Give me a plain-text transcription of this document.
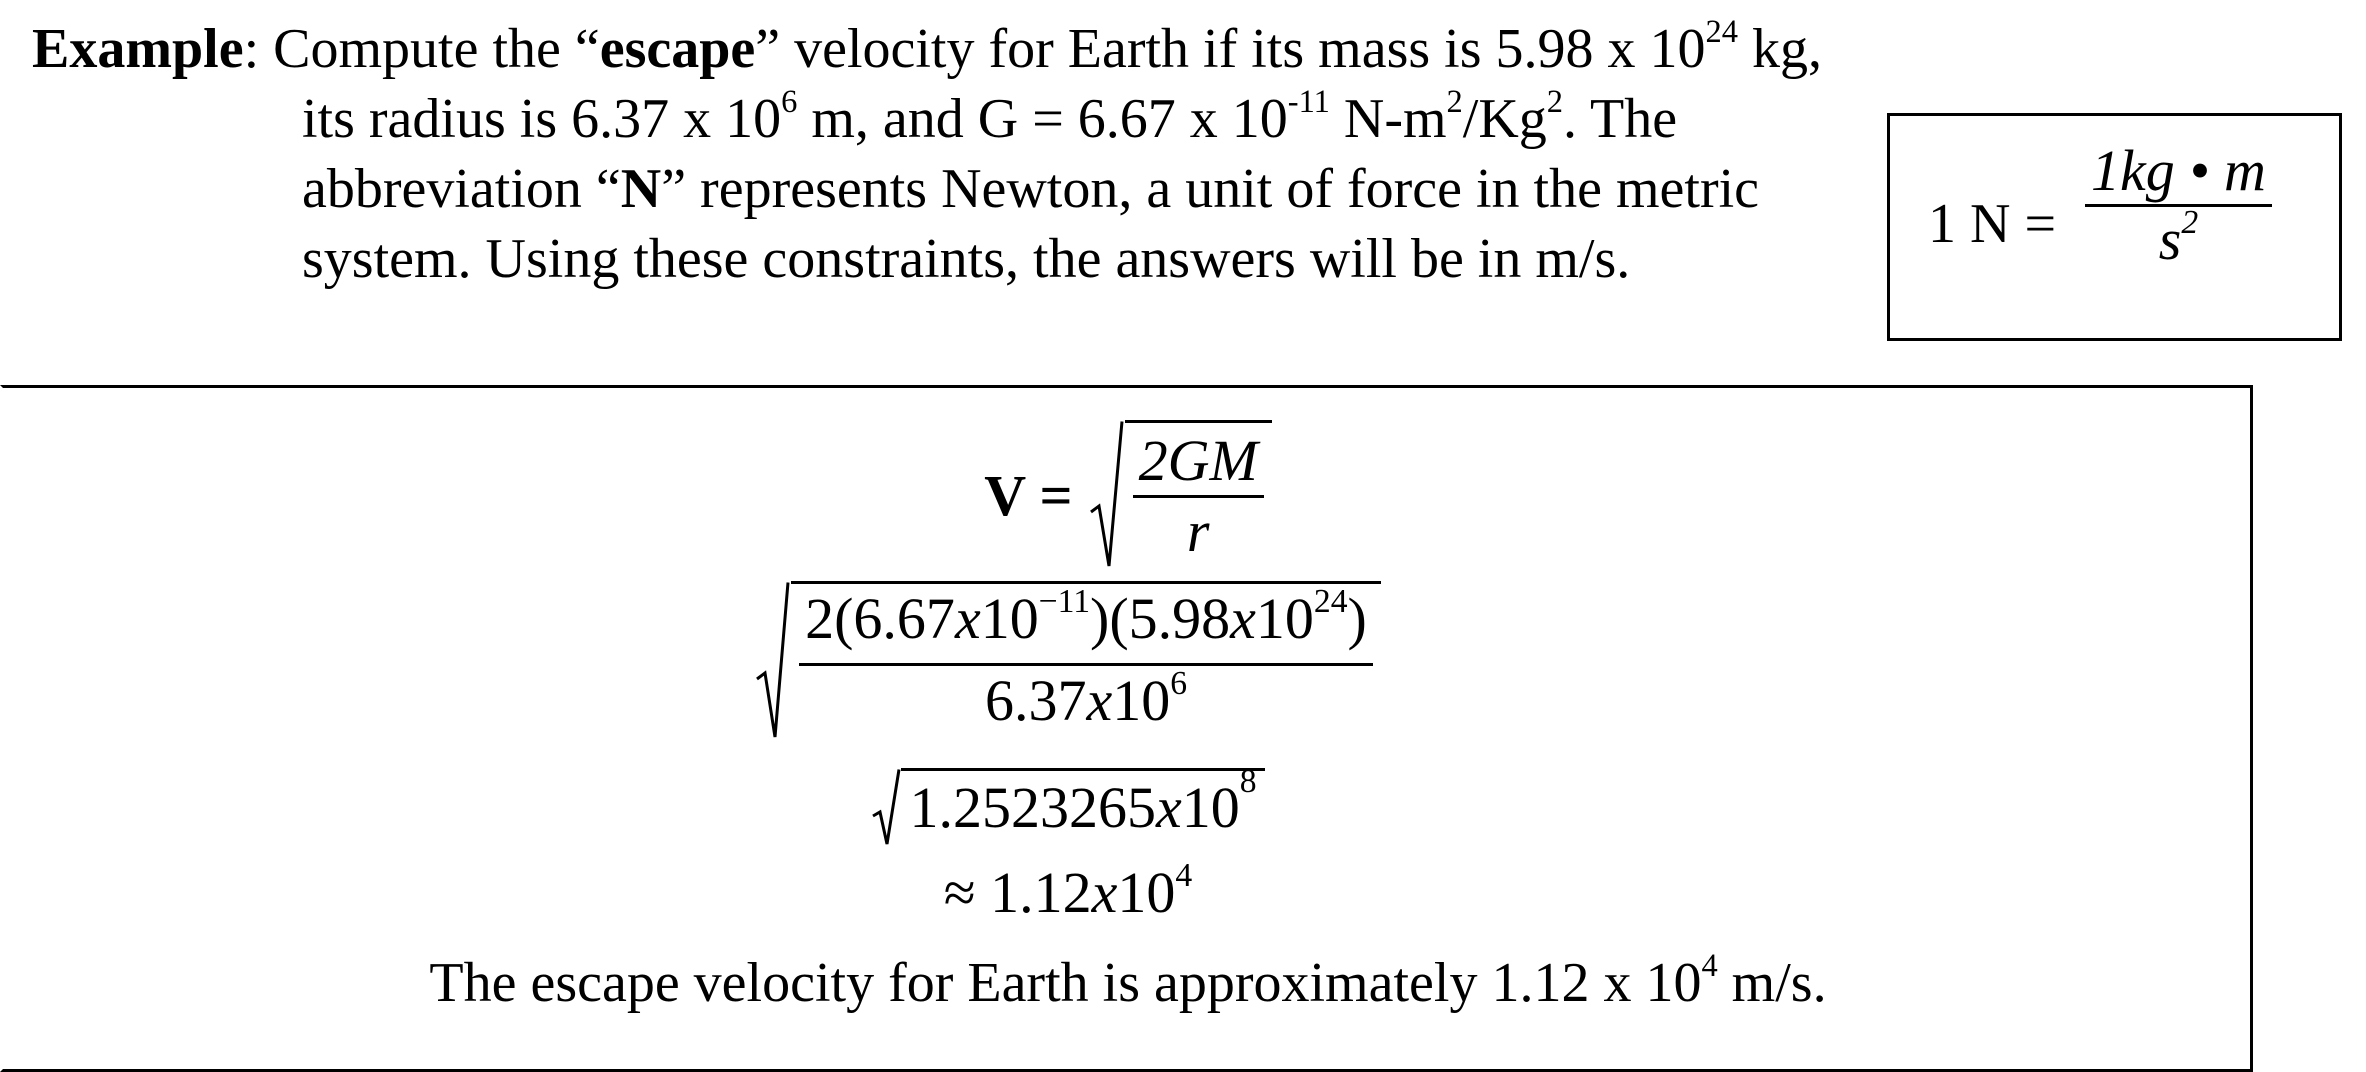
Example: Compute the “escape” velocity for Earth if its mass is 5.98 x $10^{24}$ kg,
its radius is 6.37 x $10^6$ m, and G = 6.67 x $10^{-11}$ $N-m^2/Kg^2$. The
abbreviation “N” represents Newton, a unit of force in the metric
system. Using these constraints, the answers will be in m/s.
1 N =
1kg • m
$s^2$
$V = \frac{2GM}{r}$
$\frac{2(6.67x10^{-11})(5.98x10^{24})}{6.37x10^6}$
1.2523265 x $10^8$
≈ $1.12x10^4$
The escape velocity for Earth is approximately 1.12 x $10^4$ m/s.
